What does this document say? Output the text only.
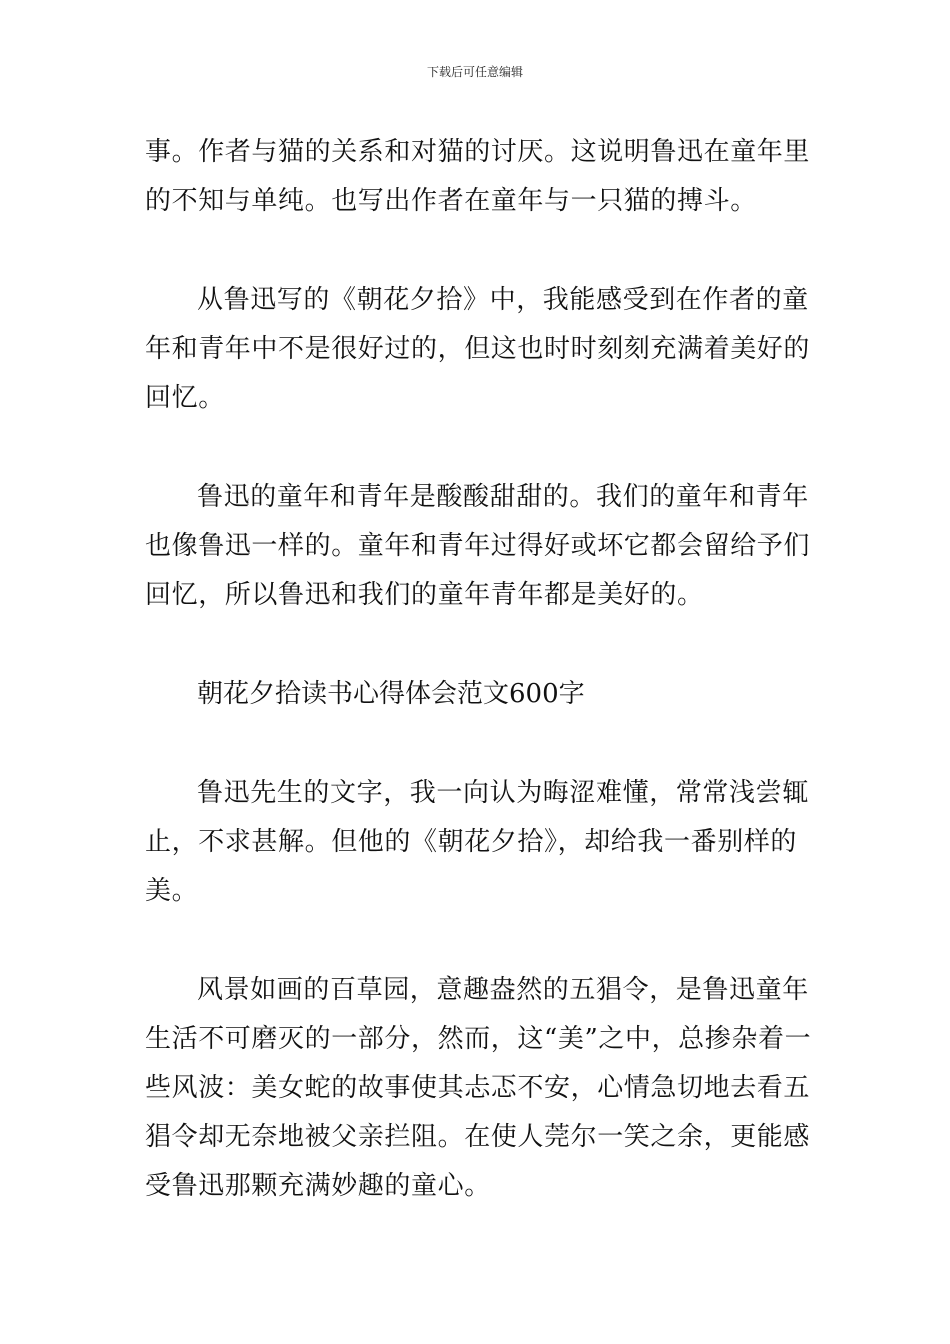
下载后可任意编辑

事。作者与猫的关系和对猫的讨厌。这说明鲁迅在童年里的不知与单纯。也写出作者在童年与一只猫的搏斗。

从鲁迅写的《朝花夕拾》中，我能感受到在作者的童年和青年中不是很好过的，但这也时时刻刻充满着美好的回忆。

鲁迅的童年和青年是酸酸甜甜的。我们的童年和青年也像鲁迅一样的。童年和青年过得好或坏它都会留给予们回忆，所以鲁迅和我们的童年青年都是美好的。

朝花夕拾读书心得体会范文600字

鲁迅先生的文字，我一向认为晦涩难懂，常常浅尝辄止，不求甚解。但他的《朝花夕拾》，却给我一番别样的美。

风景如画的百草园，意趣盎然的五猖令，是鲁迅童年生活不可磨灭的一部分，然而，这“美”之中，总掺杂着一些风波：美女蛇的故事使其忐忑不安，心情急切地去看五猖令却无奈地被父亲拦阻。在使人莞尔一笑之余，更能感受鲁迅那颗充满妙趣的童心。
